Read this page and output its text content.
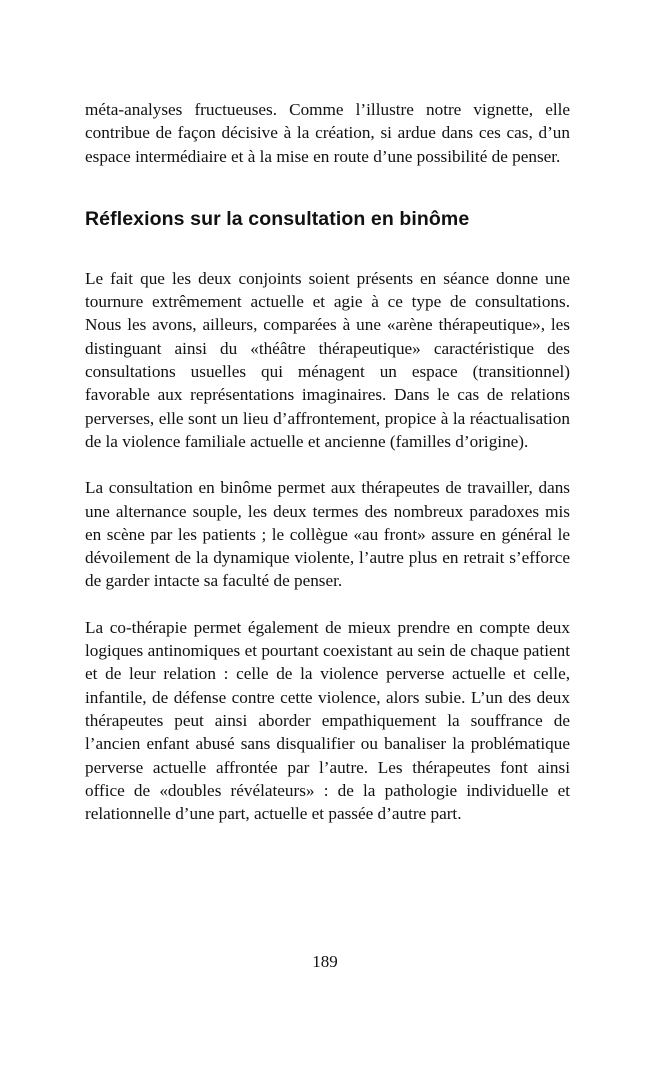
méta-analyses fructueuses. Comme l’illustre notre vignette, elle contribue de façon décisive à la création, si ardue dans ces cas, d’un espace intermédiaire et à la mise en route d’une possibilité de penser.

Réflexions sur la consultation en binôme

Le fait que les deux conjoints soient présents en séance donne une tournure extrêmement actuelle et agie à ce type de consultations. Nous les avons, ailleurs, comparées à une «arène thérapeutique», les distinguant ainsi du «théâtre thérapeutique» caractéristique des consultations usuelles qui ménagent un espace (transitionnel) favorable aux représentations imaginaires. Dans le cas de relations perverses, elle sont un lieu d’affrontement, propice à la réactualisation de la violence familiale actuelle et ancienne (familles d’origine).

La consultation en binôme permet aux thérapeutes de travailler, dans une alternance souple, les deux termes des nombreux paradoxes mis en scène par les patients ; le collègue «au front» assure en général le dévoilement de la dynamique violente, l’autre plus en retrait s’efforce de garder intacte sa faculté de penser.

La co-thérapie permet également de mieux prendre en compte deux logiques antinomiques et pourtant coexistant au sein de chaque patient et de leur relation : celle de la violence perverse actuelle et celle, infantile, de défense contre cette violence, alors subie. L’un des deux thérapeutes peut ainsi aborder empathiquement la souffrance de l’ancien enfant abusé sans disqualifier ou banaliser la problématique perverse actuelle affrontée par l’autre. Les thérapeutes font ainsi office de «doubles révélateurs» : de la pathologie individuelle et relationnelle d’une part, actuelle et passée d’autre part.

189
